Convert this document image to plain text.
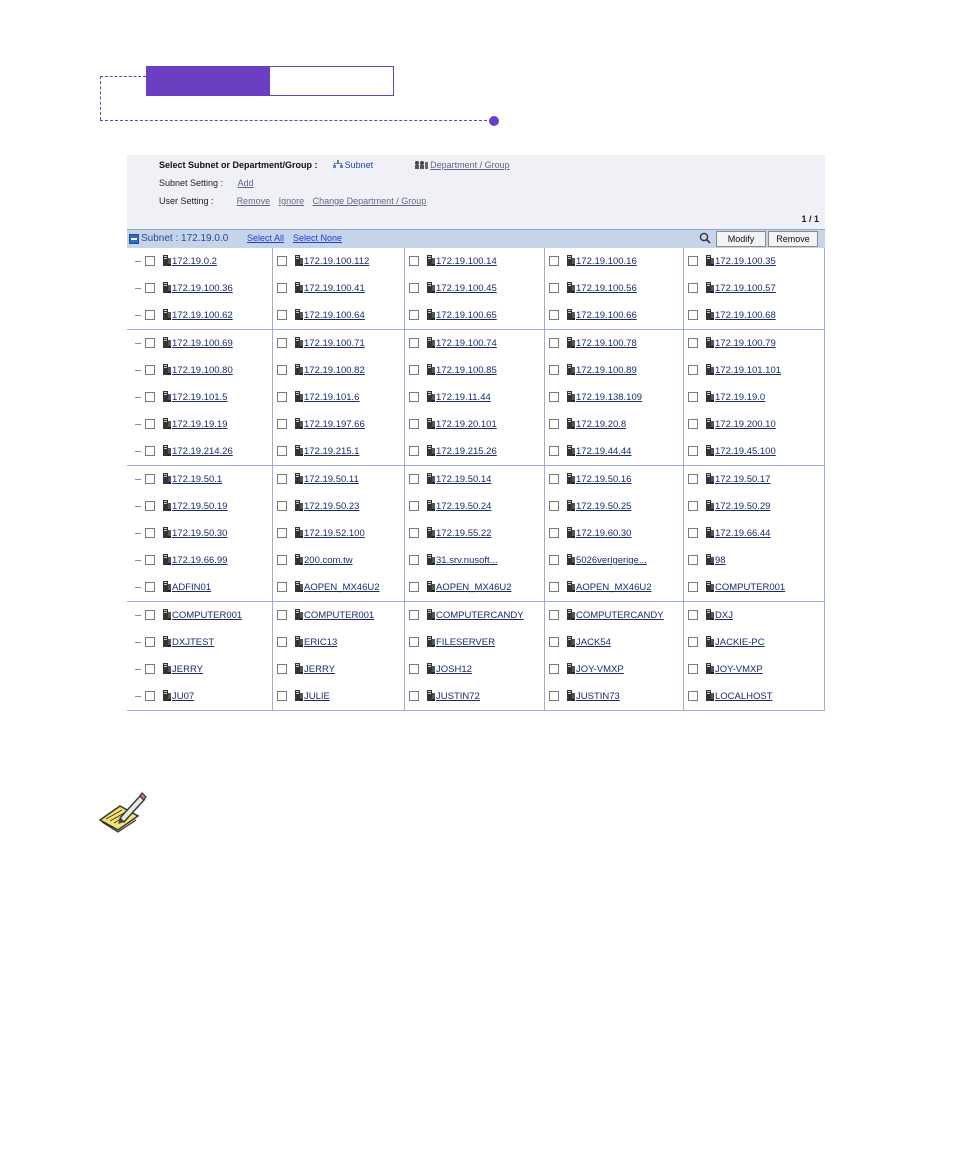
Select Subnet or Department/Group :	Subnet	Department / Group
Subnet Setting : Add
User Setting :	Remove Ignore Change Department / Group
1 / 1
Subnet : 172.19.0.0 Select All Select None	Modify	Remove
172.19.0.2	172.19.100.112	172.19.100.14	172.19.100.16	172.19.100.35
172.19.100.36	172.19.100.41	172.19.100.45	172.19.100.56	172.19.100.57
172.19.100.62	172.19.100.64	172.19.100.65	172.19.100.66	172.19.100.68
172.19.100.69	172.19.100.71	172.19.100.74	172.19.100.78	172.19.100.79
172.19.100.80	172.19.100.82	172.19.100.85	172.19.100.89	172.19.101.101
172.19.101.5	172.19.101.6	172.19.11.44	172.19.138.109	172.19.19.0
172.19.19.19	172.19.197.66	172.19.20.101	172.19.20.8	172.19.200.10
172.19.214.26	172.19.215.1	172.19.215.26	172.19.44.44	172.19.45.100
172.19.50.1	172.19.50.11	172.19.50.14	172.19.50.16	172.19.50.17
172.19.50.19	172.19.50.23	172.19.50.24	172.19.50.25	172.19.50.29
172.19.50.30	172.19.52.100	172.19.55.22	172.19.60.30	172.19.66.44
172.19.66.99	200.com.tw	31.srv.nusoft...	5026verigerige...	98
ADFIN01	AOPEN_MX46U2	AOPEN_MX46U2	AOPEN_MX46U2	COMPUTER001
COMPUTER001	COMPUTER001	COMPUTERCANDY	COMPUTERCANDY	DXJ
DXJTEST	ERIC13	FILESERVER	JACK54	JACKIE-PC
JERRY	JERRY	JOSH12	JOY-VMXP	JOY-VMXP
JU07	JULIE	JUSTIN72	JUSTIN73	LOCALHOST
